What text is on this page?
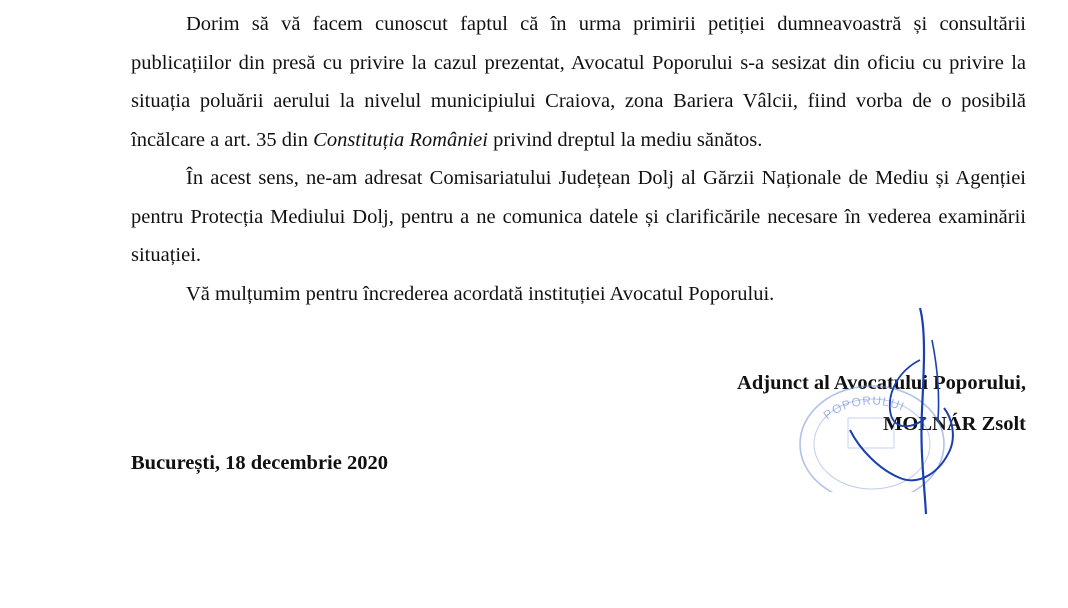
Dorim să vă facem cunoscut faptul că în urma primirii petiției dumneavoastră și consultării publicațiilor din presă cu privire la cazul prezentat, Avocatul Poporului s-a sesizat din oficiu cu privire la situația poluării aerului la nivelul municipiului Craiova, zona Bariera Vâlcii, fiind vorba de o posibilă încălcare a art. 35 din Constituția României privind dreptul la mediu sănătos.

În acest sens, ne-am adresat Comisariatului Județean Dolj al Gărzii Naționale de Mediu și Agenției pentru Protecția Mediului Dolj, pentru a ne comunica datele și clarificările necesare în vederea examinării situației.

Vă mulțumim pentru încrederea acordată instituției Avocatul Poporului.

Adjunct al Avocatului Poporului,
MOLNÁR Zsolt
București, 18 decembrie 2020
POPORULUI
